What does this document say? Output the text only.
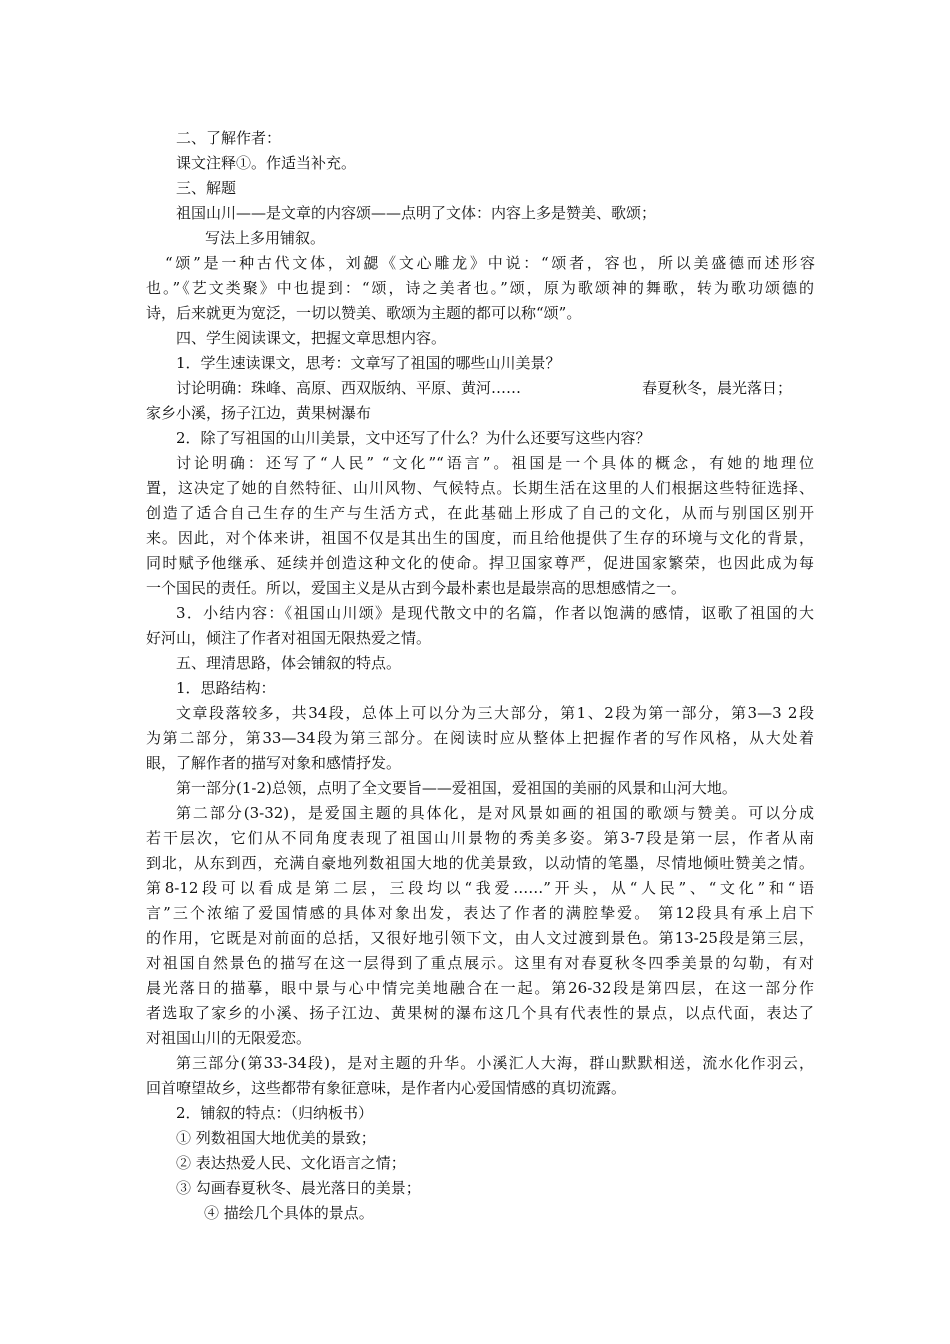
二、了解作者：
课文注释①。作适当补充。
三、解题
祖国山川——是文章的内容颂——点明了文体：内容上多是赞美、歌颂；
写法上多用铺叙。
“颂”是一种古代文体，刘勰《文心雕龙》中说：“颂者，容也，所以美盛德而述形容
也。”《艺文类聚》中也提到：“颂，诗之美者也。”颂，原为歌颂神的舞歌，转为歌功颂德的
诗，后来就更为宽泛，一切以赞美、歌颂为主题的都可以称“颂”。
四、学生阅读课文，把握文章思想内容。
1．学生速读课文，思考：文章写了祖国的哪些山川美景？
讨论明确：珠峰、高原、西双版纳、平原、黄河……	春夏秋冬，晨光落日；
家乡小溪，扬子江边，黄果树瀑布
2．除了写祖国的山川美景，文中还写了什么？为什么还要写这些内容？
讨论明确：还写了“人民” “文化”“语言”。祖国是一个具体的概念，有她的地理位
置，这决定了她的自然特征、山川风物、气候特点。长期生活在这里的人们根据这些特征选择、
创造了适合自己生存的生产与生活方式，在此基础上形成了自己的文化，从而与别国区别开
来。因此，对个体来讲，祖国不仅是其出生的国度，而且给他提供了生存的环境与文化的背景，
同时赋予他继承、延续并创造这种文化的使命。捍卫国家尊严，促进国家繁荣，也因此成为每
一个国民的责任。所以，爱国主义是从古到今最朴素也是最崇高的思想感情之一。
3．小结内容：《祖国山川颂》是现代散文中的名篇，作者以饱满的感情，讴歌了祖国的大
好河山，倾注了作者对祖国无限热爱之情。
五、理清思路，体会铺叙的特点。
1．思路结构：
文章段落较多，共34段，总体上可以分为三大部分，第1、2段为第一部分，第3—3 2段
为第二部分，第33—34段为第三部分。在阅读时应从整体上把握作者的写作风格，从大处着
眼，了解作者的描写对象和感情抒发。
第一部分(1-2)总领，点明了全文要旨——爱祖国，爱祖国的美丽的风景和山河大地。
第二部分(3-32)，是爱国主题的具体化，是对风景如画的祖国的歌颂与赞美。可以分成
若干层次，它们从不同角度表现了祖国山川景物的秀美多姿。第3-7段是第一层，作者从南
到北，从东到西，充满自豪地列数祖国大地的优美景致，以动情的笔墨，尽情地倾吐赞美之情。
第8-12段可以看成是第二层，三段均以“我爱……”开头，从“人民”、“文化”和“语
言”三个浓缩了爱国情感的具体对象出发，表达了作者的满腔挚爱。 第12段具有承上启下
的作用，它既是对前面的总括，又很好地引领下文，由人文过渡到景色。第13-25段是第三层，
对祖国自然景色的描写在这一层得到了重点展示。这里有对春夏秋冬四季美景的勾勒，有对
晨光落日的描摹，眼中景与心中情完美地融合在一起。第26-32段是第四层，在这一部分作
者选取了家乡的小溪、扬子江边、黄果树的瀑布这几个具有代表性的景点，以点代面，表达了
对祖国山川的无限爱恋。
第三部分(第33-34段)，是对主题的升华。小溪汇人大海，群山默默相送，流水化作羽云，
回首嘹望故乡，这些都带有象征意味，是作者内心爱国情感的真切流露。
2．铺叙的特点：（归纳板书）
① 列数祖国大地优美的景致；
② 表达热爱人民、文化语言之情；
③ 勾画春夏秋冬、晨光落日的美景；
④ 描绘几个具体的景点。
